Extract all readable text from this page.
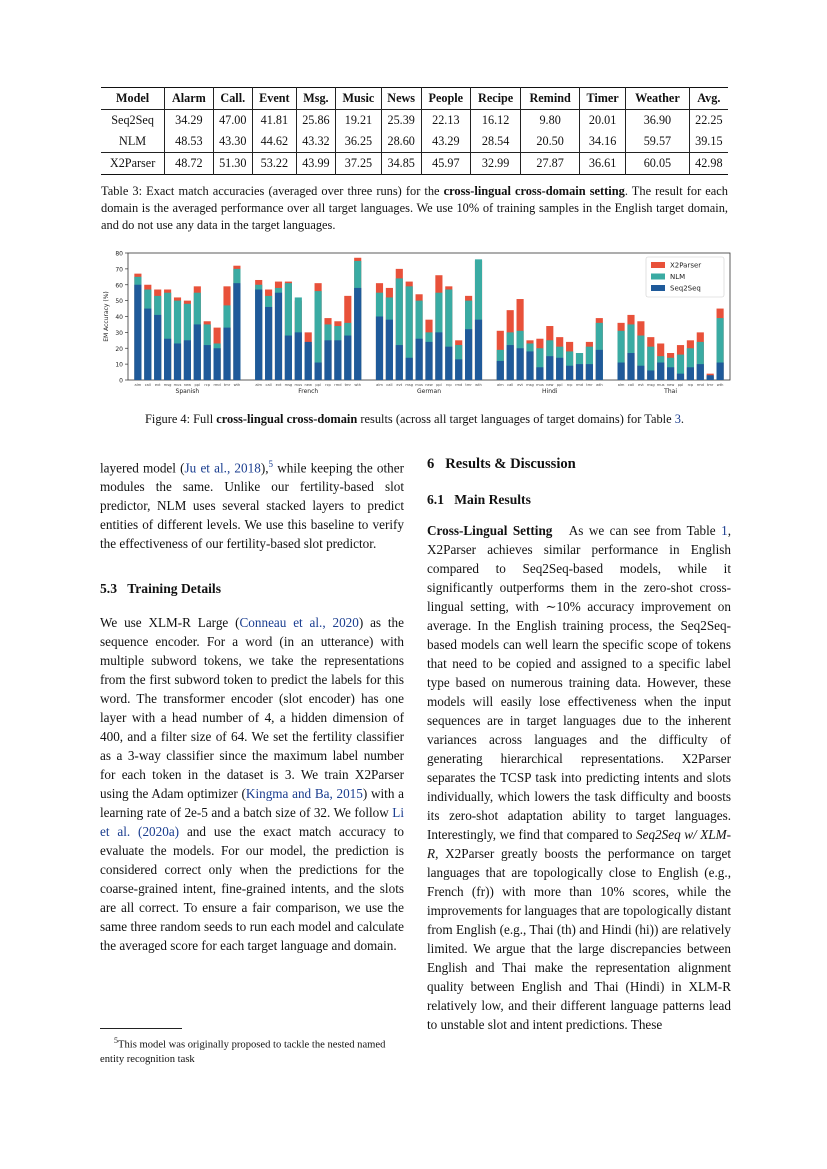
Model	Alarm	Call.	Event	Msg.	Music	News	People	Recipe	Remind	Timer	Weather	Avg.
Seq2Seq	34.29	47.00	41.81	25.86	19.21	25.39	22.13	16.12	9.80	20.01	36.90	22.25
NLM	48.53	43.30	44.62	43.32	36.25	28.60	43.29	28.54	20.50	34.16	59.57	39.15
X2Parser	48.72	51.30	53.22	43.99	37.25	34.85	45.97	32.99	27.87	36.61	60.05	42.98
Table 3: Exact match accuracies (averaged over three runs) for the cross-lingual cross-domain setting. The result for each domain is the averaged performance over all target languages. We use 10% of training samples in the English target domain, and do not use any data in the target languages.
0
10
20
30
40
50
60
70
80
EM Accuracy (%)
alm call evt msg mus new ppl rcp rmd tmr wth
Spanish
alm call evt msg mus new ppl rcp rmd tmr wth
French
alm call evt msg mus new ppl rcp rmd tmr wth
German
alm call evt msg mus new ppl rcp rmd tmr wth
Hindi
alm call evt msg mus new ppl rcp rmd tmr wth
Thai
X2Parser
NLM
Seq2Seq
Figure 4: Full cross-lingual cross-domain results (across all target languages of target domains) for Table 3.

layered model (Ju et al., 2018),$^5$ while keeping the other modules the same. Unlike our fertility-based slot predictor, NLM uses several stacked layers to predict entities of different levels. We use this baseline to verify the effectiveness of our fertility-based slot predictor.

5.3 Training Details

We use XLM-R Large (Conneau et al., 2020) as the sequence encoder. For a word (in an utterance) with multiple subword tokens, we take the representations from the first subword token to predict the labels for this word. The transformer encoder (slot encoder) has one layer with a head number of 4, a hidden dimension of 400, and a filter size of 64. We set the fertility classifier as a 3-way classifier since the maximum label number for each token in the dataset is 3. We train X2Parser using the Adam optimizer (Kingma and Ba, 2015) with a learning rate of 2e-5 and a batch size of 32. We follow Li et al. (2020a) and use the exact match accuracy to evaluate the models. For our model, the prediction is considered correct only when the predictions for the coarse-grained intent, fine-grained intents, and the slots are all correct. To ensure a fair comparison, we use the same three random seeds to run each model and calculate the averaged score for each target language and domain.

$^5$This model was originally proposed to tackle the nested named entity recognition task

6 Results & Discussion

6.1 Main Results

Cross-Lingual Setting As we can see from Table 1, X2Parser achieves similar performance in English compared to Seq2Seq-based models, while it significantly outperforms them in the zero-shot cross-lingual setting, with ∼10% accuracy improvement on average. In the English training process, the Seq2Seq-based models can well learn the specific scope of tokens that need to be copied and assigned to a specific label type based on numerous training data. However, these models will easily lose effectiveness when the input sequences are in target languages due to the inherent variances across languages and the difficulty of generating hierarchical representations. X2Parser separates the TCSP task into predicting intents and slots individually, which lowers the task difficulty and boosts its zero-shot adaptation ability to target languages. Interestingly, we find that compared to Seq2Seq w/ XLM-R, X2Parser greatly boosts the performance on target languages that are topologically close to English (e.g., French (fr)) with more than 10% scores, while the improvements for languages that are topologically distant from English (e.g., Thai (th) and Hindi (hi)) are relatively limited. We argue that the large discrepancies between English and Thai make the representation alignment quality between English and Thai (Hindi) in XLM-R relatively low, and their different language patterns lead to unstable slot and intent predictions. These
